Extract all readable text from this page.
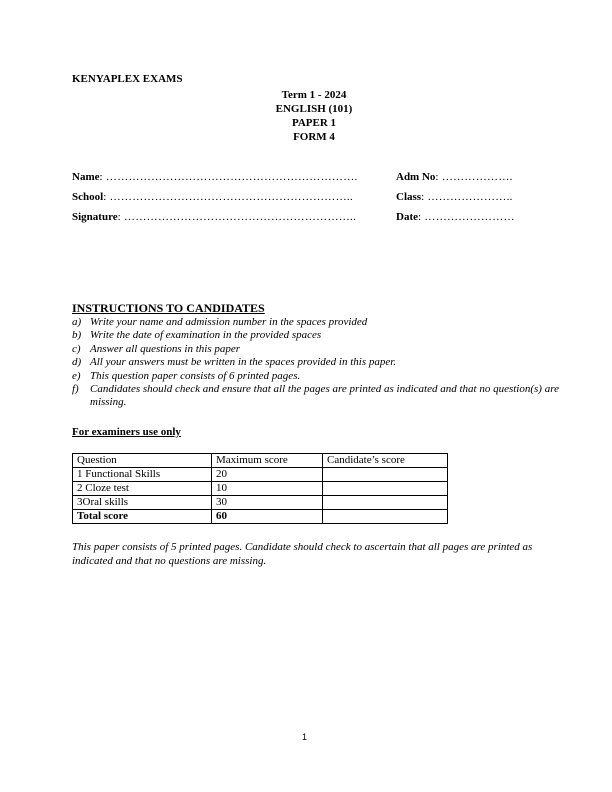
KENYAPLEX EXAMS
Term 1 - 2024
ENGLISH (101)
PAPER 1
FORM 4
Name: ………………………………………………………….	Adm No: ……………….
School: ………………………………………………………..	Class: …………………..
Signature: ……………………………………………………..	Date: ……………………
INSTRUCTIONS TO CANDIDATES
a) Write your name and admission number in the spaces provided
b) Write the date of examination in the provided spaces
c) Answer all questions in this paper
d) All your answers must be written in the spaces provided in this paper.
e) This question paper consists of 6 printed pages.
f) Candidates should check and ensure that all the pages are printed as indicated and that no question(s) are missing.
For examiners use only
Question	Maximum score	Candidate’s score
1 Functional Skills	20	
2 Cloze test	10	
3Oral skills	30	
Total score	60	
This paper consists of 5 printed pages. Candidate should check to ascertain that all pages are printed as indicated and that no questions are missing.
1
